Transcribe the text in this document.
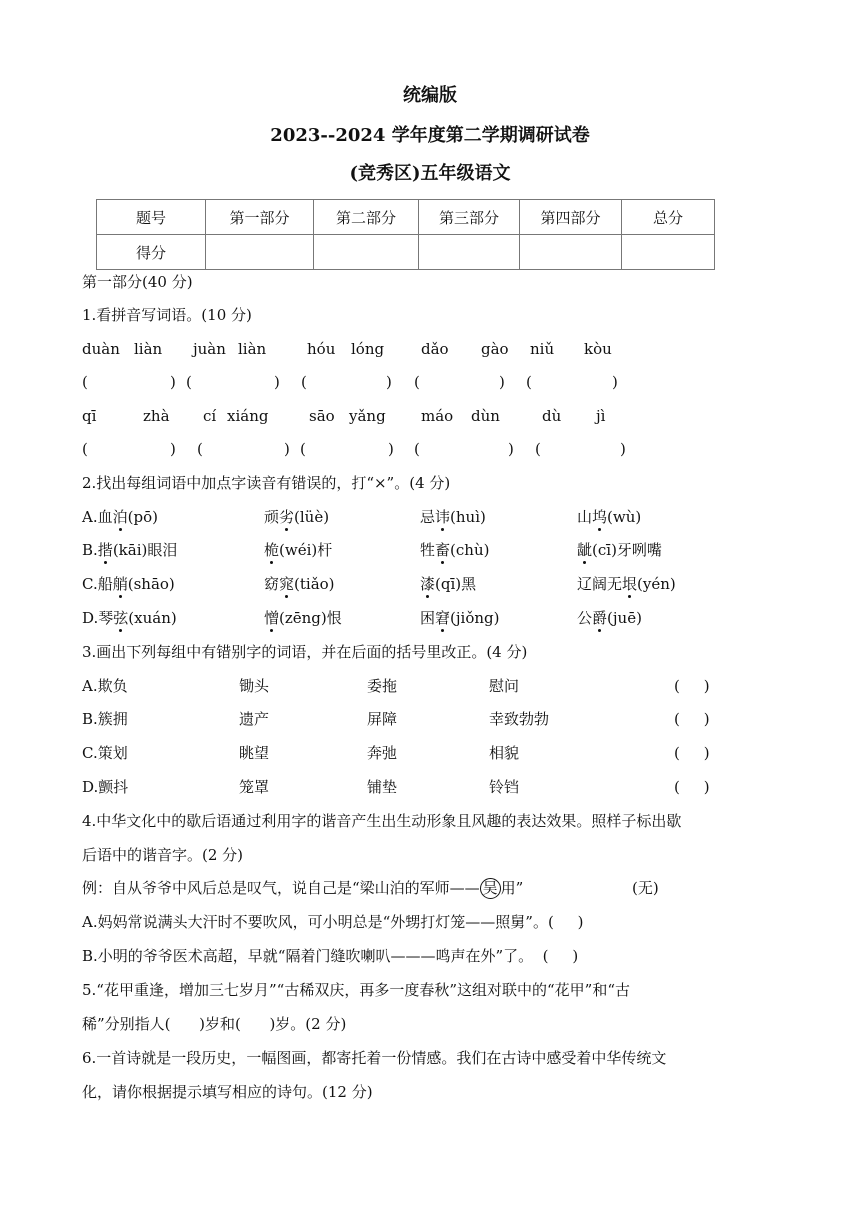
统编版
2023--2024 学年度第二学期调研试卷
(竞秀区)五年级语文
题号	第一部分	第二部分	第三部分	第四部分	总分
得分					
第一部分(40 分)
1.看拼音写词语。(10 分)
duàn liàn juàn liàn	hóu lóng dǎo gào niǔ kòu
(	) (	) (	) (	) (	)
qī	zhà cí xiáng	sāo yǎng máo dùn	dù jì
(	) (	) (	) (	) (	)
2.找出每组词语中加点字读音有错误的，打“×”。(4 分)
A.血泊(pō)	顽劣(lüè)	忌讳(huì)	山坞(wù)
B.揩(kāi)眼泪	桅(wéi)杆	牲畜(chù)	龇(cī)牙咧嘴
C.船艄(shāo)	窈窕(tiǎo)	漆(qī)黑	辽阔无垠(yén)
D.琴弦(xuán)	憎(zēng)恨	困窘(jiǒng)	公爵(juē)
3.画出下列每组中有错别字的词语，并在后面的括号里改正。(4 分)
A.欺负	锄头	委拖	慰问	(     )
B.簇拥	遗产	屏障	幸致勃勃	(     )
C.策划	眺望	奔弛	相貌	(     )
D.颤抖	笼罩	铺垫	铃铛	(     )
4.中华文化中的歇后语通过利用字的谐音产生出生动形象且风趣的表达效果。照样子标出歇
后语中的谐音字。(2 分)
例：自从爷爷中风后总是叹气，说自己是“梁山泊的军师—— 吴 用”	(无)
A.妈妈常说满头大汗时不要吹风，可小明总是“外甥打灯笼——照舅”。(     )
B.小明的爷爷医术高超，早就“隔着门缝吹喇叭———鸣声在外”了。  (     )
5.“花甲重逢，增加三七岁月”“古稀双庆，再多一度春秋”这组对联中的“花甲”和“古
稀”分别指人(      )岁和(      )岁。(2 分)
6.一首诗就是一段历史，一幅图画，都寄托着一份情感。我们在古诗中感受着中华传统文
化，请你根据提示填写相应的诗句。(12 分)
